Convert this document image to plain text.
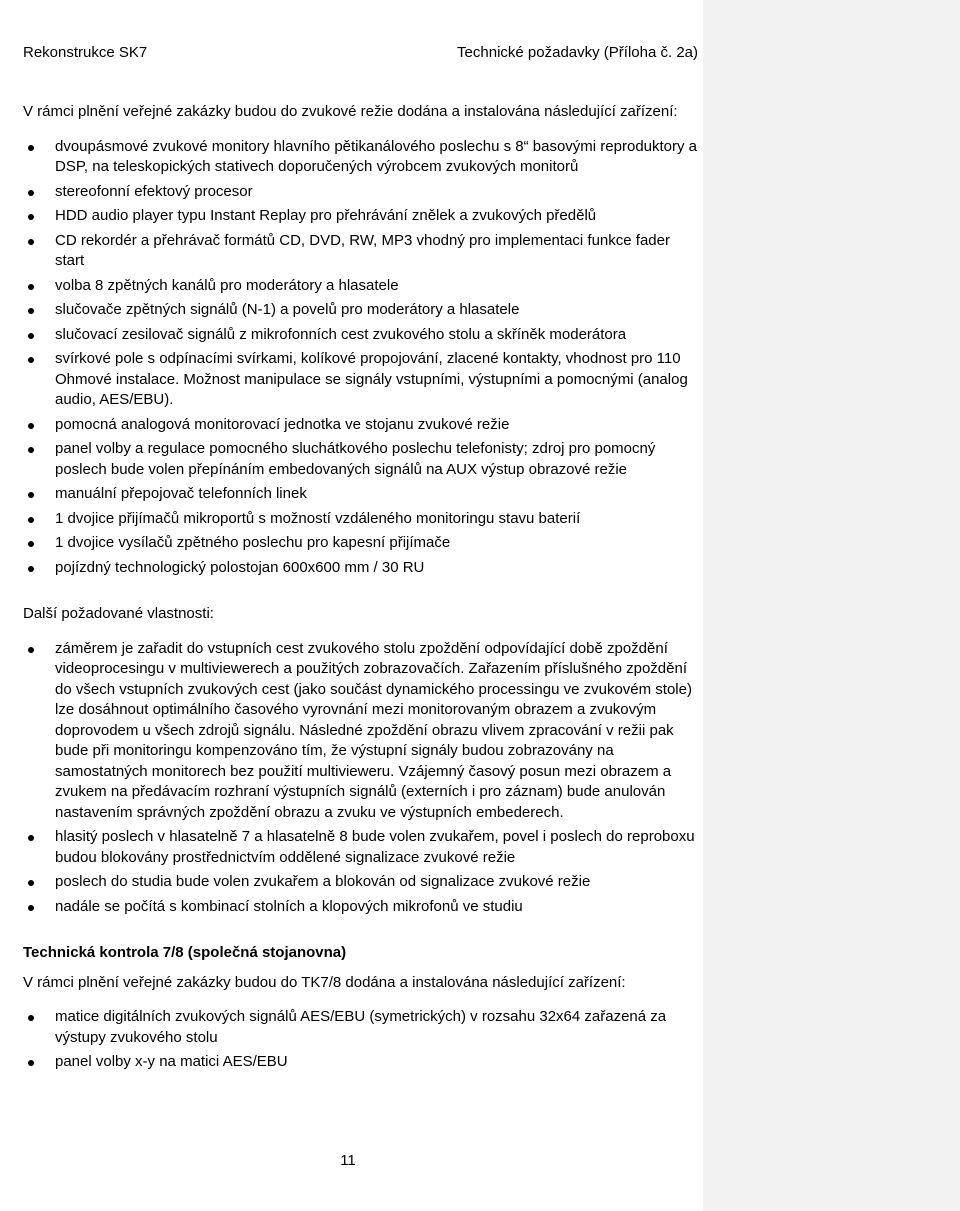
Rekonstrukce SK7	Technické požadavky (Příloha č. 2a)

V rámci plnění veřejné zakázky budou do zvukové režie dodána a instalována následující zařízení:

dvoupásmové zvukové monitory hlavního pětikanálového poslechu s 8“ basovými reproduktory a DSP, na teleskopických stativech doporučených výrobcem zvukových monitorů
stereofonní efektový procesor
HDD audio player typu Instant Replay pro přehrávání znělek a zvukových předělů
CD rekordér a přehrávač formátů CD, DVD, RW, MP3 vhodný pro implementaci funkce fader start
volba 8 zpětných kanálů pro moderátory a hlasatele
slučovače zpětných signálů (N-1) a povelů pro moderátory a hlasatele
slučovací zesilovač signálů z mikrofonních cest zvukového stolu a skříněk moderátora
svírkové pole s odpínacími svírkami, kolíkové propojování, zlacené kontakty, vhodnost pro 110 Ohmové instalace. Možnost manipulace se signály vstupními, výstupními a pomocnými (analog audio, AES/EBU).
pomocná analogová monitorovací jednotka ve stojanu zvukové režie
panel volby a regulace pomocného sluchátkového poslechu telefonisty; zdroj pro pomocný poslech bude volen přepínáním embedovaných signálů na AUX výstup obrazové režie
manuální přepojovač telefonních linek
1 dvojice přijímačů mikroportů s možností vzdáleného monitoringu stavu baterií
1 dvojice vysílačů zpětného poslechu pro kapesní přijímače
pojízdný technologický polostojan 600x600 mm / 30 RU

Další požadované vlastnosti:

záměrem je zařadit do vstupních cest zvukového stolu zpoždění odpovídající době zpoždění videoprocesingu v multiviewerech a použitých zobrazovačích. Zařazením příslušného zpoždění do všech vstupních zvukových cest (jako součást dynamického processingu ve zvukovém stole) lze dosáhnout optimálního časového vyrovnání mezi monitorovaným obrazem a zvukovým doprovodem u všech zdrojů signálu. Následné zpoždění obrazu vlivem zpracování v režii pak bude při monitoringu kompenzováno tím, že výstupní signály budou zobrazovány na samostatných monitorech bez použití multivieweru. Vzájemný časový posun mezi obrazem a zvukem na předávacím rozhraní výstupních signálů (externích i pro záznam) bude anulován nastavením správných zpoždění obrazu a zvuku ve výstupních embederech.
hlasitý poslech v hlasatelně 7 a hlasatelně 8 bude volen zvukařem, povel i poslech do reproboxu budou blokovány prostřednictvím oddělené signalizace zvukové režie
poslech do studia bude volen zvukařem a blokován od signalizace zvukové režie
nadále se počítá s kombinací stolních a klopových mikrofonů ve studiu

Technická kontrola 7/8 (společná stojanovna)

V rámci plnění veřejné zakázky budou do TK7/8 dodána a instalována následující zařízení:

matice digitálních zvukových signálů AES/EBU (symetrických) v rozsahu 32x64 zařazená za výstupy zvukového stolu
panel volby x-y na matici AES/EBU
11
